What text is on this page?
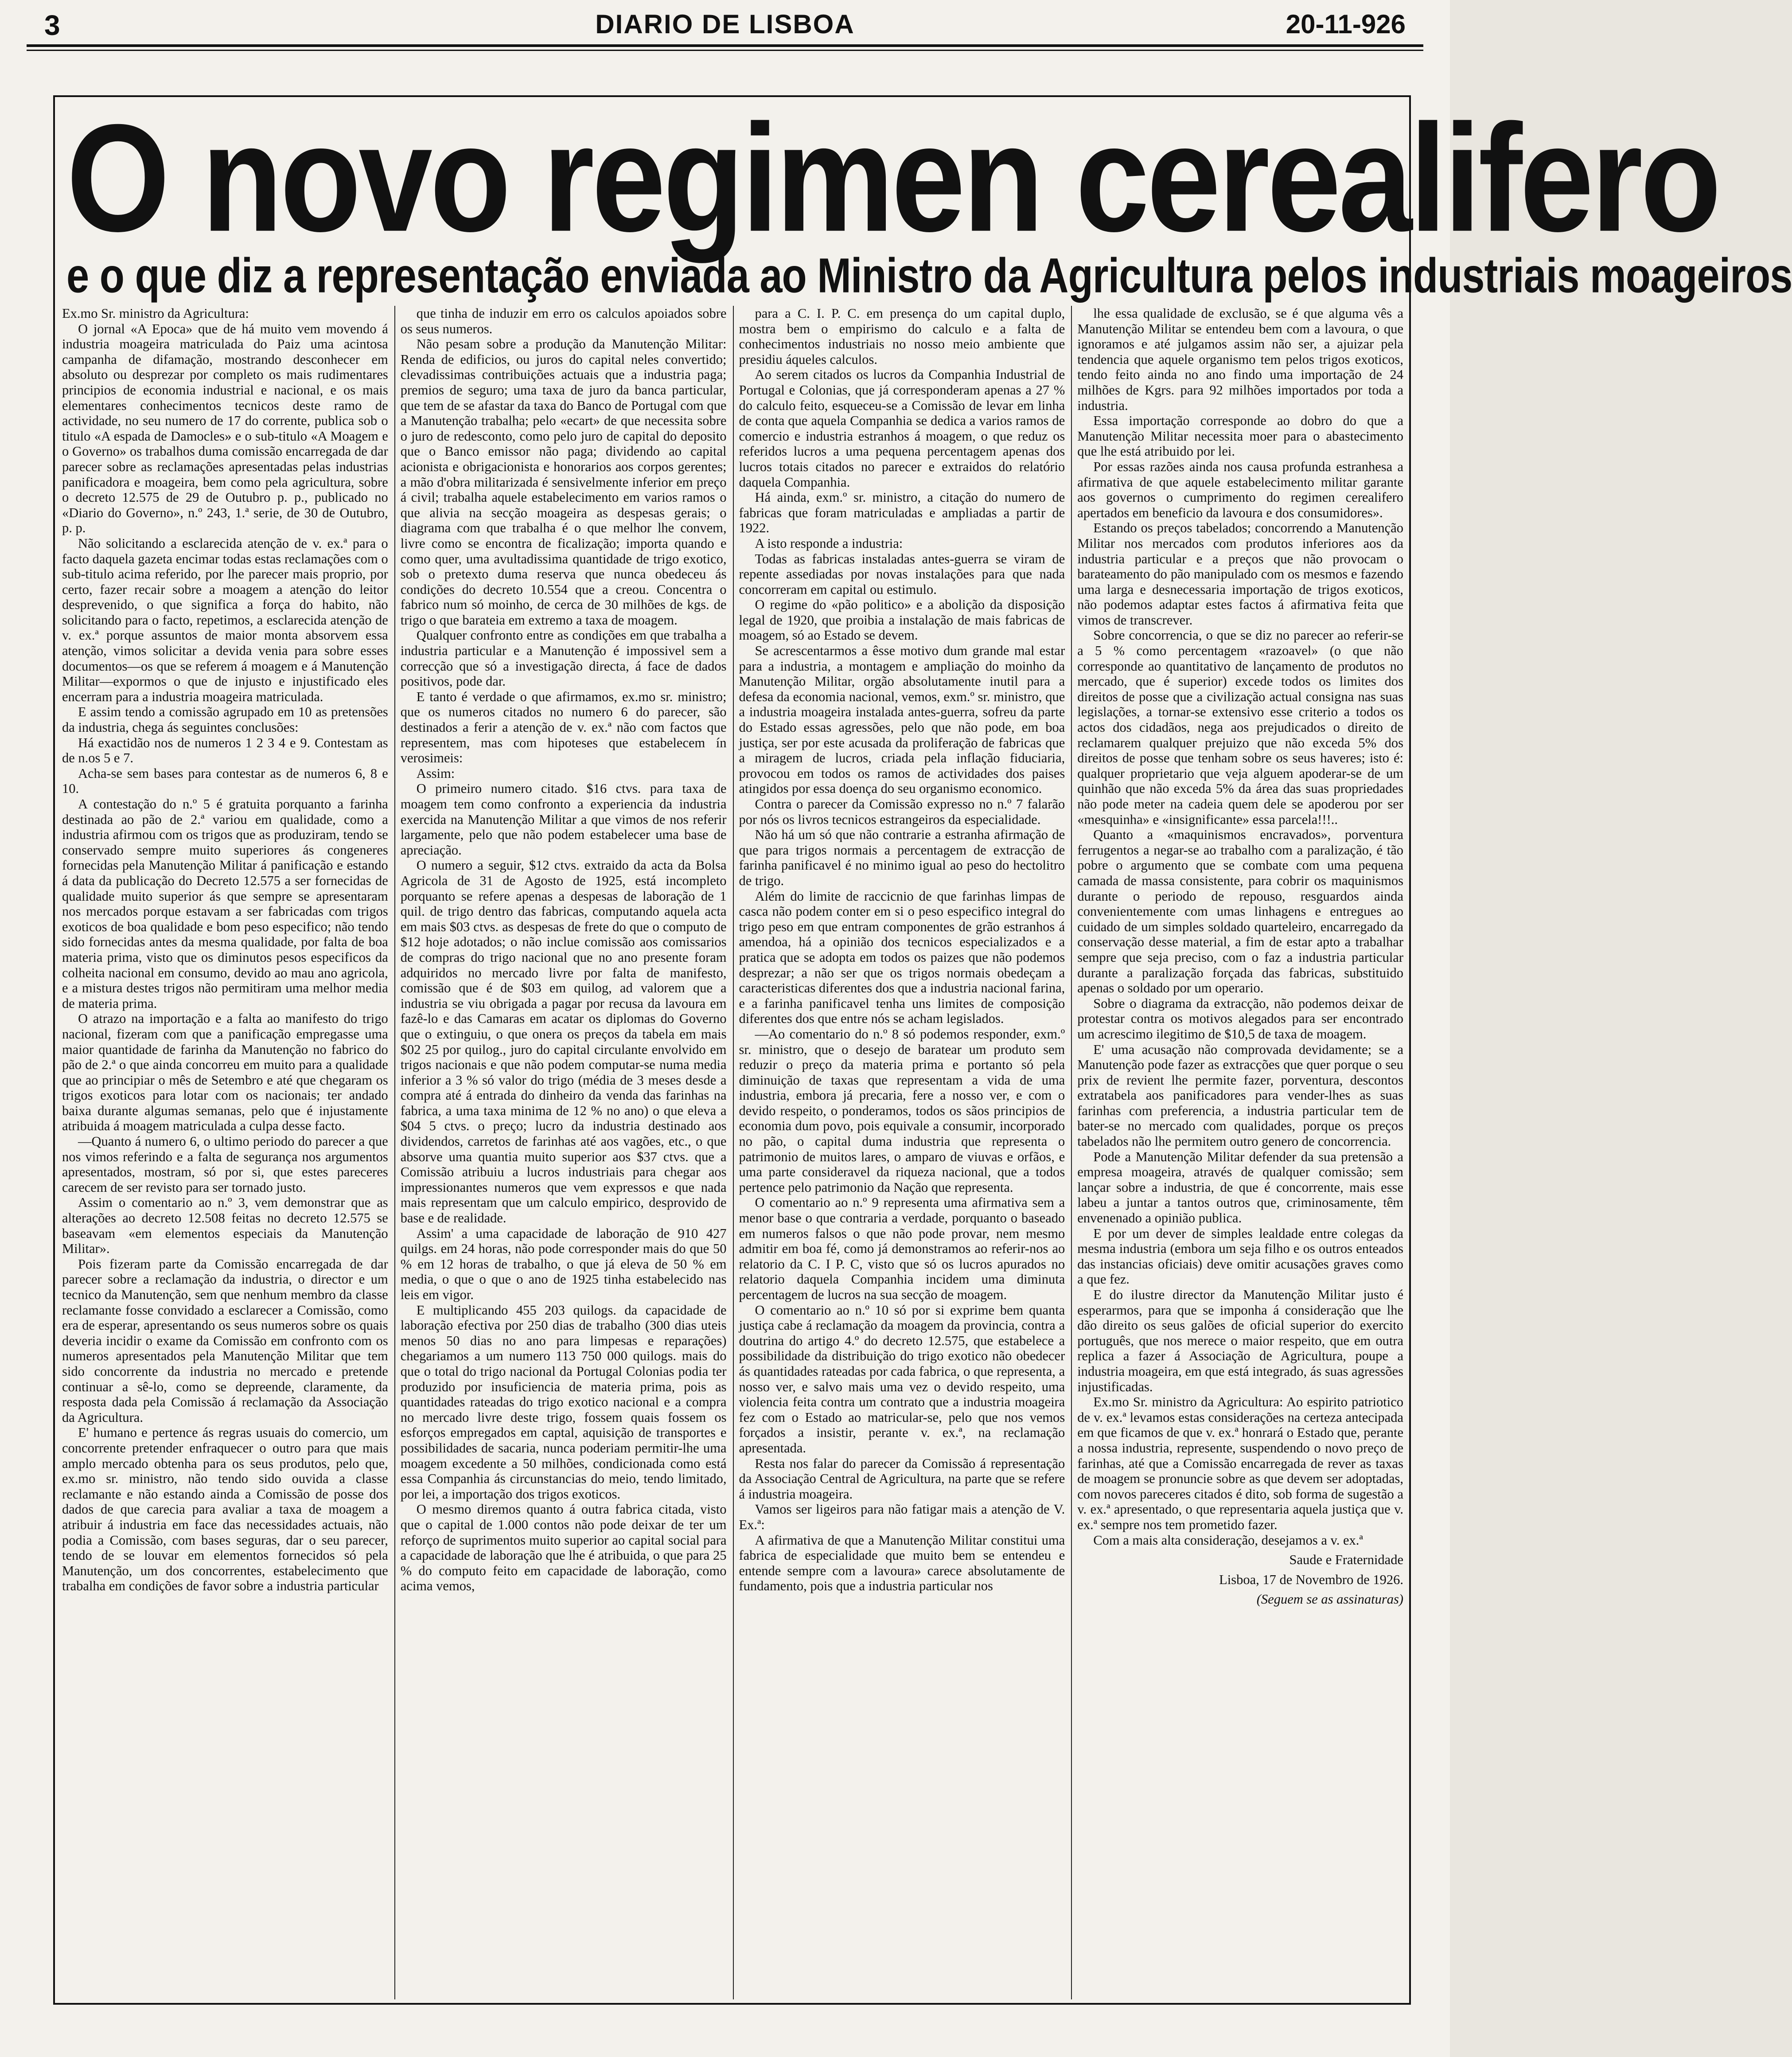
3	DIARIO DE LISBOA	20-11-926
O novo regimen cerealifero
e o que diz a representação enviada ao Ministro da Agricultura pelos industriais moageiros

Ex.mo Sr. ministro da Agricultura:

O jornal «A Epoca» que de há muito vem movendo á industria moageira matriculada do Paiz uma acintosa campanha de difamação, mostrando desconhecer em absoluto ou desprezar por completo os mais rudimentares principios de economia industrial e nacional, e os mais elementares conhecimentos tecnicos deste ramo de actividade, no seu numero de 17 do corrente, publica sob o titulo «A espada de Damocles» e o sub-titulo «A Moagem e o Governo» os trabalhos duma comissão encarregada de dar parecer sobre as reclamações apresentadas pelas industrias panificadora e moageira, bem como pela agricultura, sobre o decreto 12.575 de 29 de Outubro p. p., publicado no «Diario do Governo», n.º 243, 1.ª serie, de 30 de Outubro, p. p.

Não solicitando a esclarecida atenção de v. ex.ª para o facto daquela gazeta encimar todas estas reclamações com o sub-titulo acima referido, por lhe parecer mais proprio, por certo, fazer recair sobre a moagem a atenção do leitor desprevenido, o que significa a força do habito, não solicitando para o facto, repetimos, a esclarecida atenção de v. ex.ª porque assuntos de maior monta absorvem essa atenção, vimos solicitar a devida venia para sobre esses documentos—os que se referem á moagem e á Manutenção Militar—expormos o que de injusto e injustificado eles encerram para a industria moageira matriculada.

E assim tendo a comissão agrupado em 10 as pretensões da industria, chega ás seguintes conclusões:

Há exactidão nos de numeros 1 2 3 4 e 9. Contestam as de n.os 5 e 7.

Acha-se sem bases para contestar as de numeros 6, 8 e 10.

A contestação do n.º 5 é gratuita porquanto a farinha destinada ao pão de 2.ª variou em qualidade, como a industria afirmou com os trigos que as produziram, tendo se conservado sempre muito superiores ás congeneres fornecidas pela Manutenção Militar á panificação e estando á data da publicação do Decreto 12.575 a ser fornecidas de qualidade muito superior ás que sempre se apresentaram nos mercados porque estavam a ser fabricadas com trigos exoticos de boa qualidade e bom peso especifico; não tendo sido fornecidas antes da mesma qualidade, por falta de boa materia prima, visto que os diminutos pesos especificos da colheita nacional em consumo, devido ao mau ano agricola, e a mistura destes trigos não permitiram uma melhor media de materia prima.

O atrazo na importação e a falta ao manifesto do trigo nacional, fizeram com que a panificação empregasse uma maior quantidade de farinha da Manutenção no fabrico do pão de 2.ª o que ainda concorreu em muito para a qualidade que ao principiar o mês de Setembro e até que chegaram os trigos exoticos para lotar com os nacionais; ter andado baixa durante algumas semanas, pelo que é injustamente atribuida á moagem matriculada a culpa desse facto.

—Quanto á numero 6, o ultimo periodo do parecer a que nos vimos referindo e a falta de segurança nos argumentos apresentados, mostram, só por si, que estes pareceres carecem de ser revisto para ser tornado justo.

Assim o comentario ao n.º 3, vem demonstrar que as alterações ao decreto 12.508 feitas no decreto 12.575 se baseavam «em elementos especiais da Manutenção Militar».

Pois fizeram parte da Comissão encarregada de dar parecer sobre a reclamação da industria, o director e um tecnico da Manutenção, sem que nenhum membro da classe reclamante fosse convidado a esclarecer a Comissão, como era de esperar, apresentando os seus numeros sobre os quais deveria incidir o exame da Comissão em confronto com os numeros apresentados pela Manutenção Militar que tem sido concorrente da industria no mercado e pretende continuar a sê-lo, como se depreende, claramente, da resposta dada pela Comissão á reclamação da Associação da Agricultura.

E' humano e pertence ás regras usuais do comercio, um concorrente pretender enfraquecer o outro para que mais amplo mercado obtenha para os seus produtos, pelo que, ex.mo sr. ministro, não tendo sido ouvida a classe reclamante e não estando ainda a Comissão de posse dos dados de que carecia para avaliar a taxa de moagem a atribuir á industria em face das necessidades actuais, não podia a Comissão, com bases seguras, dar o seu parecer, tendo de se louvar em elementos fornecidos só pela Manutenção, um dos concorrentes, estabelecimento que trabalha em condições de favor sobre a industria particular

que tinha de induzir em erro os calculos apoiados sobre os seus numeros.

Não pesam sobre a produção da Manutenção Militar: Renda de edificios, ou juros do capital neles convertido; clevadissimas contribuições actuais que a industria paga; premios de seguro; uma taxa de juro da banca particular, que tem de se afastar da taxa do Banco de Portugal com que a Manutenção trabalha; pelo «ecart» de que necessita sobre o juro de redesconto, como pelo juro de capital do deposito que o Banco emissor não paga; dividendo ao capital acionista e obrigacionista e honorarios aos corpos gerentes; a mão d'obra militarizada é sensivelmente inferior em preço á civil; trabalha aquele estabelecimento em varios ramos o que alivia na secção moageira as despesas gerais; o diagrama com que trabalha é o que melhor lhe convem, livre como se encontra de ficalização; importa quando e como quer, uma avultadissima quantidade de trigo exotico, sob o pretexto duma reserva que nunca obedeceu ás condições do decreto 10.554 que a creou. Concentra o fabrico num só moinho, de cerca de 30 milhões de kgs. de trigo o que barateia em extremo a taxa de moagem.

Qualquer confronto entre as condições em que trabalha a industria particular e a Manutenção é impossivel sem a correcção que só a investigação directa, á face de dados positivos, pode dar.

E tanto é verdade o que afirmamos, ex.mo sr. ministro; que os numeros citados no numero 6 do parecer, são destinados a ferir a atenção de v. ex.ª não com factos que representem, mas com hipoteses que estabelecem ín verosimeis:

Assim:

O primeiro numero citado. $16 ctvs. para taxa de moagem tem como confronto a experiencia da industria exercida na Manutenção Militar a que vimos de nos referir largamente, pelo que não podem estabelecer uma base de apreciação.

O numero a seguir, $12 ctvs. extraido da acta da Bolsa Agricola de 31 de Agosto de 1925, está incompleto porquanto se refere apenas a despesas de laboração de 1 quil. de trigo dentro das fabricas, computando aquela acta em mais $03 ctvs. as despesas de frete do que o computo de $12 hoje adotados; o não inclue comissão aos comissarios de compras do trigo nacional que no ano presente foram adquiridos no mercado livre por falta de manifesto, comissão que é de $03 em quilog, ad valorem que a industria se viu obrigada a pagar por recusa da lavoura em fazê-lo e das Camaras em acatar os diplomas do Governo que o extinguiu, o que onera os preços da tabela em mais $02 25 por quilog., juro do capital circulante envolvido em trigos nacionais e que não podem computar-se numa media inferior a 3 % só valor do trigo (média de 3 meses desde a compra até á entrada do dinheiro da venda das farinhas na fabrica, a uma taxa minima de 12 % no ano) o que eleva a $04 5 ctvs. o preço; lucro da industria destinado aos dividendos, carretos de farinhas até aos vagões, etc., o que absorve uma quantia muito superior aos $37 ctvs. que a Comissão atribuiu a lucros industriais para chegar aos impressionantes numeros que vem expressos e que nada mais representam que um calculo empirico, desprovido de base e de realidade.

Assim' a uma capacidade de laboração de 910 427 quilgs. em 24 horas, não pode corresponder mais do que 50 % em 12 horas de trabalho, o que já eleva de 50 % em media, o que o que o ano de 1925 tinha estabelecido nas leis em vigor.

E multiplicando 455 203 quilogs. da capacidade de laboração efectiva por 250 dias de trabalho (300 dias uteis menos 50 dias no ano para limpesas e reparações) chegariamos a um numero 113 750 000 quilogs. mais do que o total do trigo nacional da Portugal Colonias podia ter produzido por insuficiencia de materia prima, pois as quantidades rateadas do trigo exotico nacional e a compra no mercado livre deste trigo, fossem quais fossem os esforços empregados em captal, aquisição de transportes e possibilidades de sacaria, nunca poderiam permitir-lhe uma moagem excedente a 50 milhões, condicionada como está essa Companhia ás circunstancias do meio, tendo limitado, por lei, a importação dos trigos exoticos.

O mesmo diremos quanto á outra fabrica citada, visto que o capital de 1.000 contos não pode deixar de ter um reforço de suprimentos muito superior ao capital social para a capacidade de laboração que lhe é atribuida, o que para 25 % do computo feito em capacidade de laboração, como acima vemos,

para a C. I. P. C. em presença do um capital duplo, mostra bem o empirismo do calculo e a falta de conhecimentos industriais no nosso meio ambiente que presidiu áqueles calculos.

Ao serem citados os lucros da Companhia Industrial de Portugal e Colonias, que já corresponderam apenas a 27 % do calculo feito, esqueceu-se a Comissão de levar em linha de conta que aquela Companhia se dedica a varios ramos de comercio e industria estranhos á moagem, o que reduz os referidos lucros a uma pequena percentagem apenas dos lucros totais citados no parecer e extraidos do relatório daquela Companhia.

Há ainda, exm.º sr. ministro, a citação do numero de fabricas que foram matriculadas e ampliadas a partir de 1922.

A isto responde a industria:

Todas as fabricas instaladas antes-guerra se viram de repente assediadas por novas instalações para que nada concorreram em capital ou estimulo.

O regime do «pão politico» e a abolição da disposição legal de 1920, que proibia a instalação de mais fabricas de moagem, só ao Estado se devem.

Se acrescentarmos a êsse motivo dum grande mal estar para a industria, a montagem e ampliação do moinho da Manutenção Militar, orgão absolutamente inutil para a defesa da economia nacional, vemos, exm.º sr. ministro, que a industria moageira instalada antes-guerra, sofreu da parte do Estado essas agressões, pelo que não pode, em boa justiça, ser por este acusada da proliferação de fabricas que a miragem de lucros, criada pela inflação fiduciaria, provocou em todos os ramos de actividades dos paises atingidos por essa doença do seu organismo economico.

Contra o parecer da Comissão expresso no n.º 7 falarão por nós os livros tecnicos estrangeiros da especialidade.

Não há um só que não contrarie a estranha afirmação de que para trigos normais a percentagem de extracção de farinha panificavel é no minimo igual ao peso do hectolitro de trigo.

Além do limite de raccicnio de que farinhas limpas de casca não podem conter em si o peso especifico integral do trigo peso em que entram componentes de grão estranhos á amendoa, há a opinião dos tecnicos especializados e a pratica que se adopta em todos os paizes que não podemos desprezar; a não ser que os trigos normais obedeçam a caracteristicas diferentes dos que a industria nacional farina, e a farinha panificavel tenha uns limites de composição diferentes dos que entre nós se acham legislados.

—Ao comentario do n.º 8 só podemos responder, exm.º sr. ministro, que o desejo de baratear um produto sem reduzir o preço da materia prima e portanto só pela diminuição de taxas que representam a vida de uma industria, embora já precaria, fere a nosso ver, e com o devido respeito, o ponderamos, todos os sãos principios de economia dum povo, pois equivale a consumir, incorporado no pão, o capital duma industria que representa o patrimonio de muitos lares, o amparo de viuvas e orfãos, e uma parte consideravel da riqueza nacional, que a todos pertence pelo patrimonio da Nação que representa.

O comentario ao n.º 9 representa uma afirmativa sem a menor base o que contraria a verdade, porquanto o baseado em numeros falsos o que não pode provar, nem mesmo admitir em boa fé, como já demonstramos ao referir-nos ao relatorio da C. I P. C, visto que só os lucros apurados no relatorio daquela Companhia incidem uma diminuta percentagem de lucros na sua secção de moagem.

O comentario ao n.º 10 só por si exprime bem quanta justiça cabe á reclamação da moagem da provincia, contra a doutrina do artigo 4.º do decreto 12.575, que estabelece a possibilidade da distribuição do trigo exotico não obedecer ás quantidades rateadas por cada fabrica, o que representa, a nosso ver, e salvo mais uma vez o devido respeito, uma violencia feita contra um contrato que a industria moageira fez com o Estado ao matricular-se, pelo que nos vemos forçados a insistir, perante v. ex.ª, na reclamação apresentada.

Resta nos falar do parecer da Comissão á representação da Associação Central de Agricultura, na parte que se refere á industria moageira.

Vamos ser ligeiros para não fatigar mais a atenção de V. Ex.ª:

A afirmativa de que a Manutenção Militar constitui uma fabrica de especialidade que muito bem se entendeu e entende sempre com a lavoura» carece absolutamente de fundamento, pois que a industria particular nos

lhe essa qualidade de exclusão, se é que alguma vês a Manutenção Militar se entendeu bem com a lavoura, o que ignoramos e até julgamos assim não ser, a ajuizar pela tendencia que aquele organismo tem pelos trigos exoticos, tendo feito ainda no ano findo uma importação de 24 milhões de Kgrs. para 92 milhões importados por toda a industria.

Essa importação corresponde ao dobro do que a Manutenção Militar necessita moer para o abastecimento que lhe está atribuido por lei.

Por essas razões ainda nos causa profunda estranhesa a afirmativa de que aquele estabelecimento militar garante aos governos o cumprimento do regimen cerealifero apertados em beneficio da lavoura e dos consumidores».

Estando os preços tabelados; concorrendo a Manutenção Militar nos mercados com produtos inferiores aos da industria particular e a preços que não provocam o barateamento do pão manipulado com os mesmos e fazendo uma larga e desnecessaria importação de trigos exoticos, não podemos adaptar estes factos á afirmativa feita que vimos de transcrever.

Sobre concorrencia, o que se diz no parecer ao referir-se a 5 % como percentagem «razoavel» (o que não corresponde ao quantitativo de lançamento de produtos no mercado, que é superior) excede todos os limites dos direitos de posse que a civilização actual consigna nas suas legislações, a tornar-se extensivo esse criterio a todos os actos dos cidadãos, nega aos prejudicados o direito de reclamarem qualquer prejuizo que não exceda 5% dos direitos de posse que tenham sobre os seus haveres; isto é: qualquer proprietario que veja alguem apoderar-se de um quinhão que não exceda 5% da área das suas propriedades não pode meter na cadeia quem dele se apoderou por ser «mesquinha» e «insignificante» essa parcela!!!..

Quanto a «maquinismos encravados», porventura ferrugentos a negar-se ao trabalho com a paralização, é tão pobre o argumento que se combate com uma pequena camada de massa consistente, para cobrir os maquinismos durante o periodo de repouso, resguardos ainda convenientemente com umas linhagens e entregues ao cuidado de um simples soldado quarteleiro, encarregado da conservação desse material, a fim de estar apto a trabalhar sempre que seja preciso, com o faz a industria particular durante a paralização forçada das fabricas, substituido apenas o soldado por um operario.

Sobre o diagrama da extracção, não podemos deixar de protestar contra os motivos alegados para ser encontrado um acrescimo ilegitimo de $10,5 de taxa de moagem.

E' uma acusação não comprovada devidamente; se a Manutenção pode fazer as extracções que quer porque o seu prix de revient lhe permite fazer, porventura, descontos extratabela aos panificadores para vender-lhes as suas farinhas com preferencia, a industria particular tem de bater-se no mercado com qualidades, porque os preços tabelados não lhe permitem outro genero de concorrencia.

Pode a Manutenção Militar defender da sua pretensão a empresa moageira, através de qualquer comissão; sem lançar sobre a industria, de que é concorrente, mais esse labeu a juntar a tantos outros que, criminosamente, têm envenenado a opinião publica.

E por um dever de simples lealdade entre colegas da mesma industria (embora um seja filho e os outros enteados das instancias oficiais) deve omitir acusações graves como a que fez.

E do ilustre director da Manutenção Militar justo é esperarmos, para que se imponha á consideração que lhe dão direito os seus galões de oficial superior do exercito português, que nos merece o maior respeito, que em outra replica a fazer á Associação de Agricultura, poupe a industria moageira, em que está integrado, ás suas agressões injustificadas.

Ex.mo Sr. ministro da Agricultura: Ao espirito patriotico de v. ex.ª levamos estas considerações na certeza antecipada em que ficamos de que v. ex.ª honrará o Estado que, perante a nossa industria, represente, suspendendo o novo preço de farinhas, até que a Comissão encarregada de rever as taxas de moagem se pronuncie sobre as que devem ser adoptadas, com novos pareceres citados é dito, sob forma de sugestão a v. ex.ª apresentado, o que representaria aquela justiça que v. ex.ª sempre nos tem prometido fazer.

Com a mais alta consideração, desejamos a v. ex.ª

Saude e Fraternidade
Lisboa, 17 de Novembro de 1926.
(Seguem se as assinaturas)
